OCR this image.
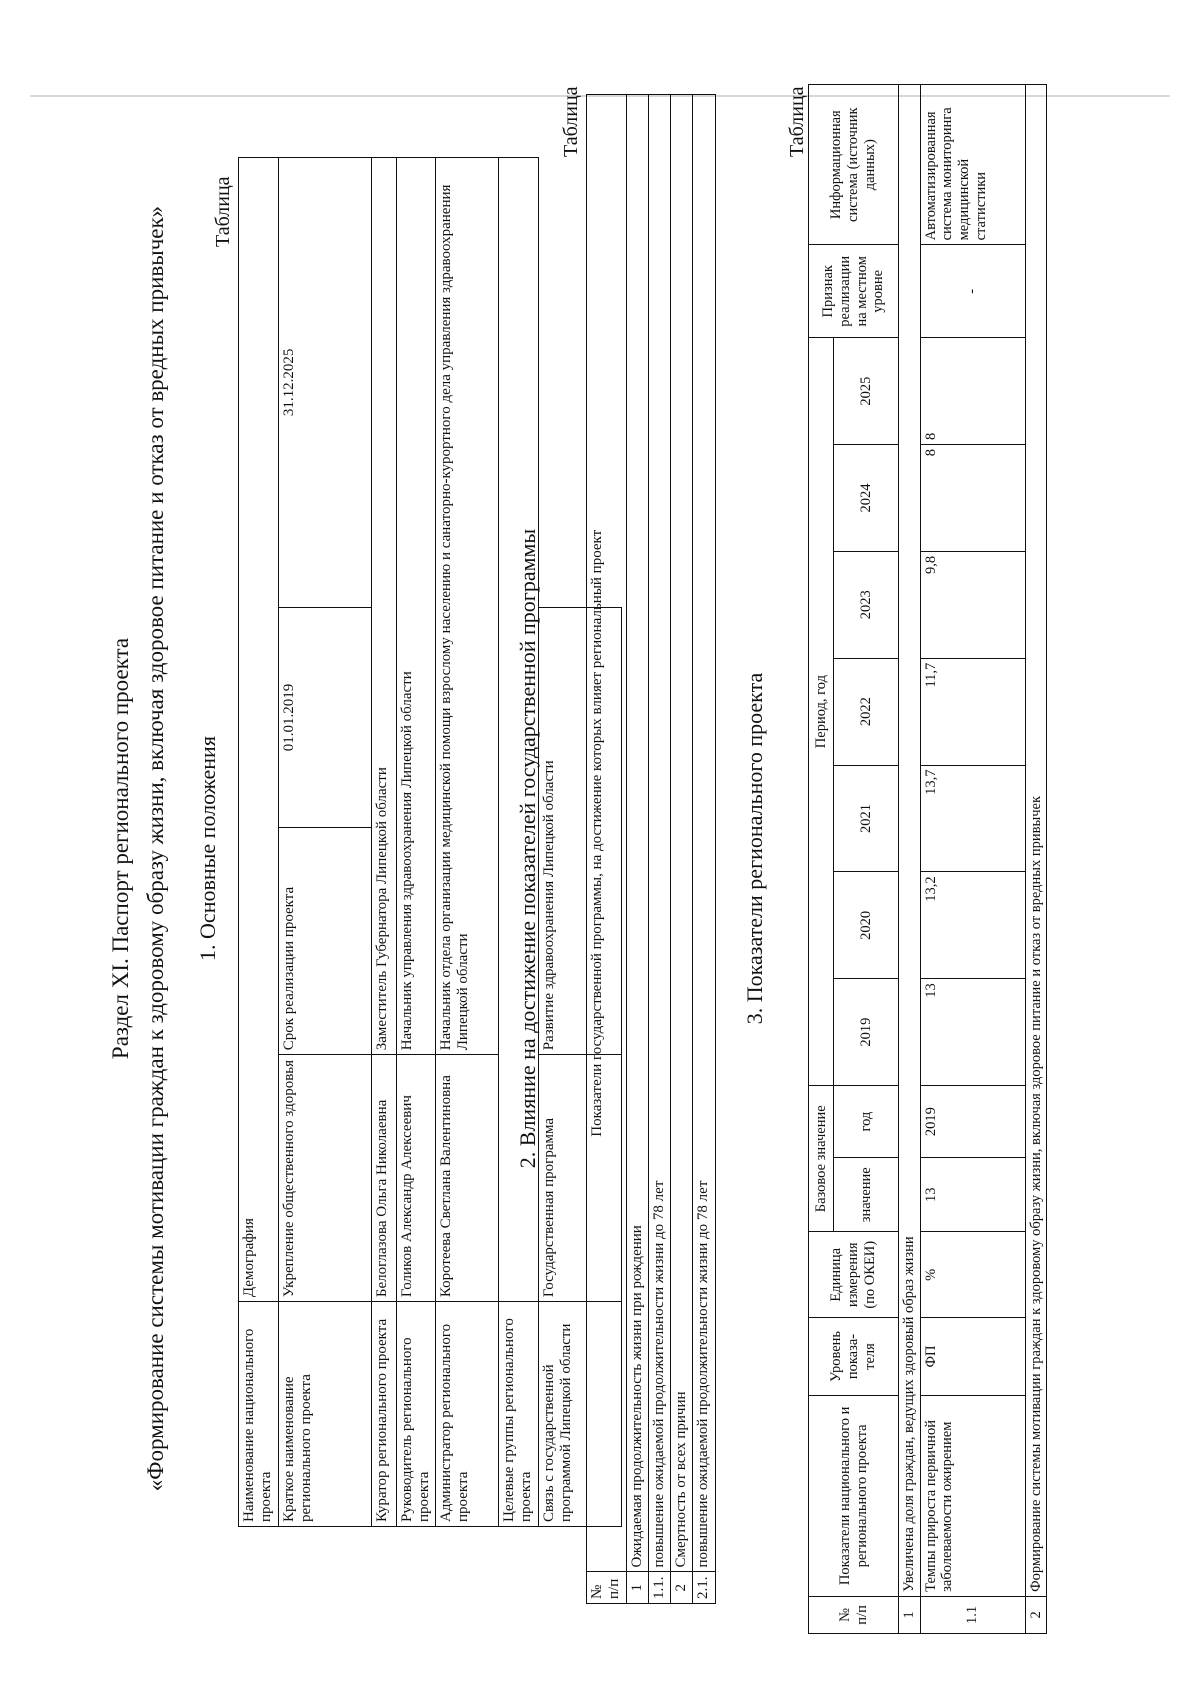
Раздел XI. Паспорт регионального проекта «Формирование системы мотивации граждан к здоровому образу жизни, включая здоровое питание и отказ от вредных привычек» 1. Основные положения
Таблица
Наименование национального проекта	Демография			
Краткое наименование регионального проекта	Укрепление общественного здоровья	Срок реализации проекта	01.01.2019	31.12.2025
Куратор регионального проекта	Белоглазова Ольга Николаевна	Заместитель Губернатора Липецкой области		
Руководитель регионального проекта	Голиков Александр Алексеевич	Начальник управления здравоохранения Липецкой области		
Администратор регионального проекта	Коротеева Светлана Валентиновна	Начальник отдела организации медицинской помощи взрослому населению и санаторно-курортного дела управления здравоохранения Липецкой области		
Целевые группы регионального проекта				
Связь с государственной программой Липецкой области	Государственная программа	Развитие здравоохранения Липецкой области		
2. Влияние на достижение показателей государственной программы
Таблица
№ п/п	Показатели государственной программы, на достижение которых влияет региональный проект
1	Ожидаемая продолжительность жизни при рождении
1.1.	повышение ожидаемой продолжительности жизни до 78 лет
2	Смертность от всех причин
2.1.	повышение ожидаемой продолжительности жизни до 78 лет
3. Показатели регионального проекта
Таблица
№ п/п	Показатели национального и регионального проекта	Уровень показа-теля	Единица измерения (по ОКЕИ)	Базовое значение		Период, год							Признак реализации на местном уровне	Информационная система (источник данных)
				значение	год	2019	2020	2021	2022	2023	2024	2025		
1	Увеличена доля граждан, ведущих здоровый образ жизни													
1.1	Темпы прироста первичной заболеваемости ожирением	ФП	%	13	2019	13	13,2	13,7	11,7	9,8	8	8	-	Автоматизированная система мониторинга медицинской статистики
2	Формирование системы мотивации граждан к здоровому образу жизни, включая здоровое питание и отказ от вредных привычек													
